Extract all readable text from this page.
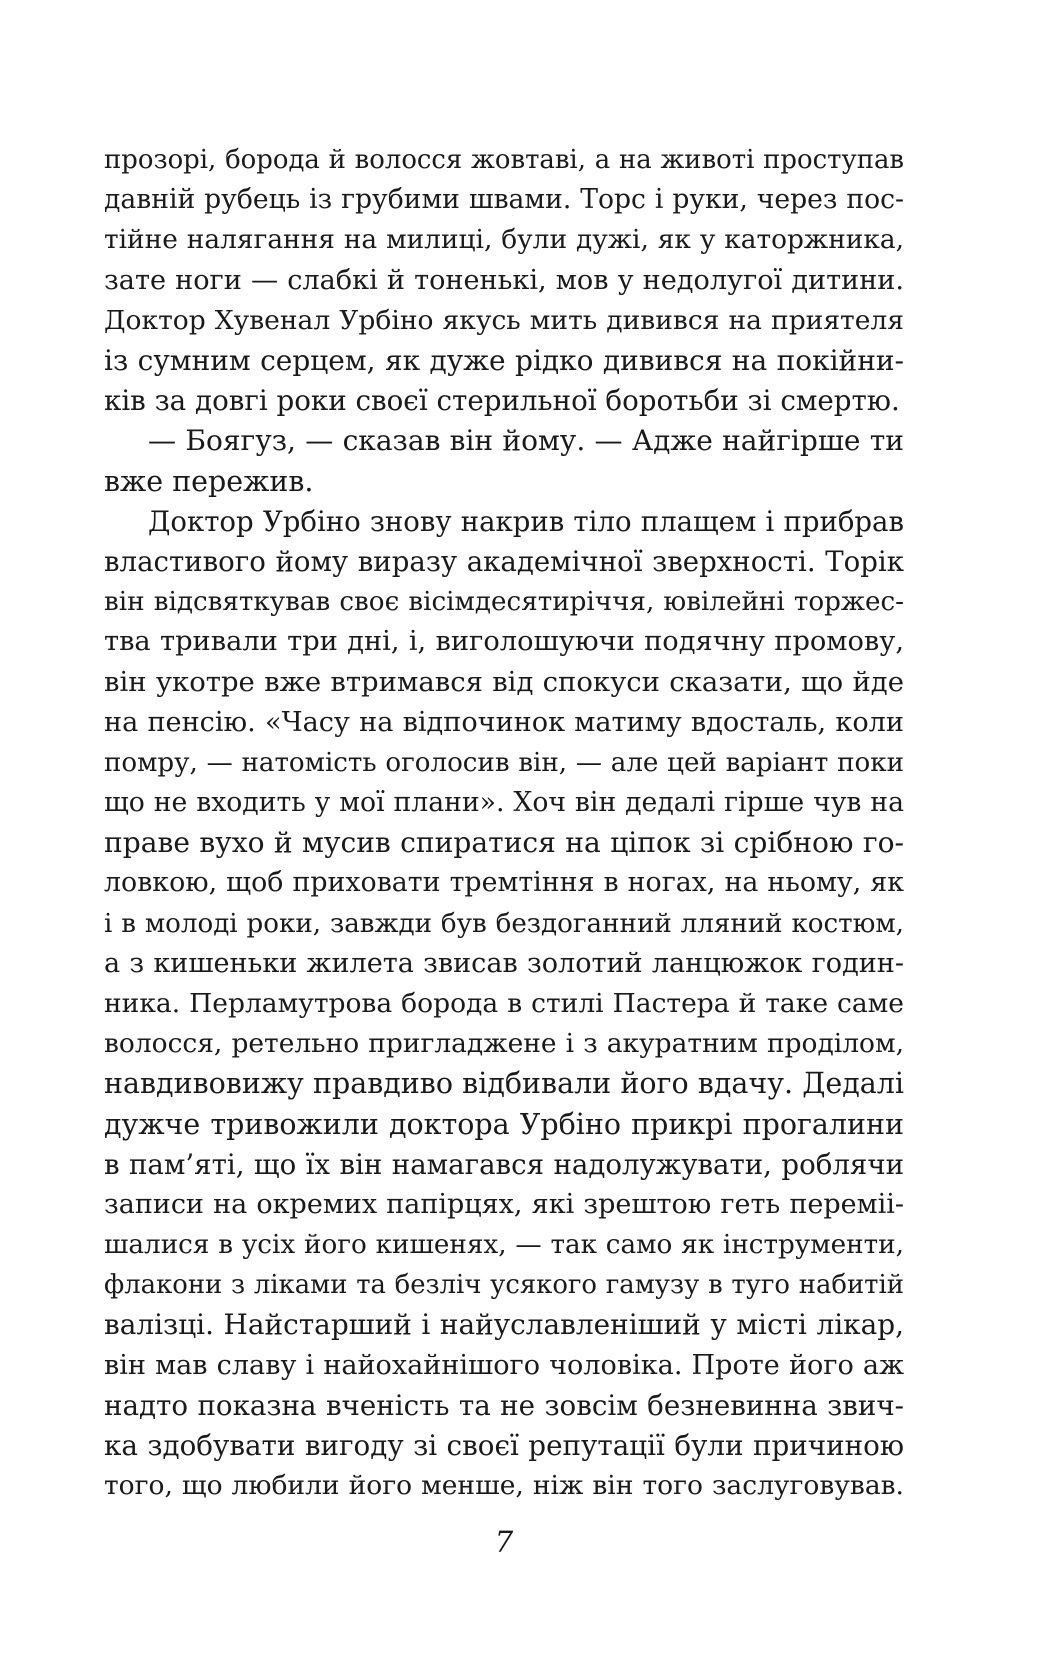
прозорі, борода й волосся жовтаві, а на животі проступав
давній рубець із грубими швами. Торс і руки, через пос-
тійне налягання на милиці, були дужі, як у каторжника,
зате ноги — слабкі й тоненькі, мов у недолугої дитини.
Доктор Хувенал Урбіно якусь мить дивився на приятеля
із сумним серцем, як дуже рідко дивився на покійни-
ків за довгі роки своєї стерильної боротьби зі смертю.
— Боягуз, — сказав він йому. — Адже найгірше ти
вже пережив.
Доктор Урбіно знову накрив тіло плащем і прибрав
властивого йому виразу академічної зверхності. Торік
він відсвяткував своє вісімдесятиріччя, ювілейні торжес-
тва тривали три дні, і, виголошуючи подячну промову,
він укотре вже втримався від спокуси сказати, що йде
на пенсію. «Часу на відпочинок матиму вдосталь, коли
помру, — натомість оголосив він, — але цей варіант поки
що не входить у мої плани». Хоч він дедалі гірше чув на
праве вухо й мусив спиратися на ціпок зі срібною го-
ловкою, щоб приховати тремтіння в ногах, на ньому, як
і в молоді роки, завжди був бездоганний лляний костюм,
а з кишеньки жилета звисав золотий ланцюжок годин-
ника. Перламутрова борода в стилі Пастера й таке саме
волосся, ретельно пригладжене і з акуратним проділом,
навдивовижу правдиво відбивали його вдачу. Дедалі
дужче тривожили доктора Урбіно прикрі прогалини
в пам’яті, що їх він намагався надолужувати, роблячи
записи на окремих папірцях, які зрештою геть переміі-
шалися в усіх його кишенях, — так само як інструменти,
флакони з ліками та безліч усякого гамузу в туго набитій
валізці. Найстарший і найуславленіший у місті лікар,
він мав славу і найохайнішого чоловіка. Проте його аж
надто показна вченість та не зовсім безневинна звич-
ка здобувати вигоду зі своєї репутації були причиною
того, що любили його менше, ніж він того заслуговував.
7
